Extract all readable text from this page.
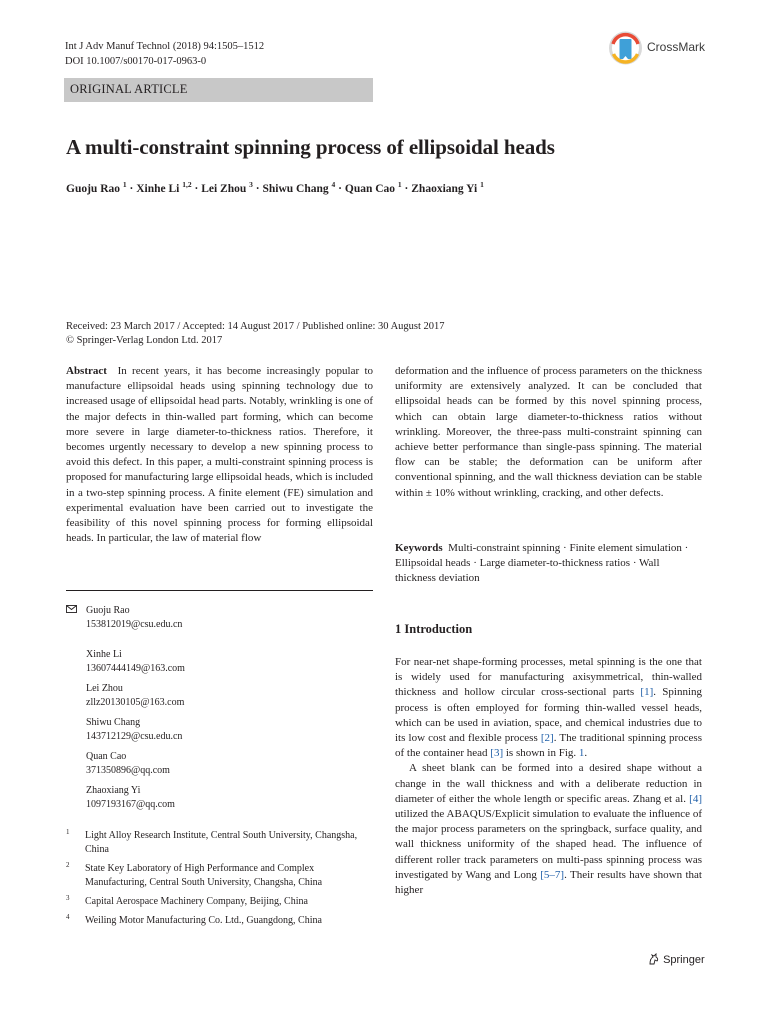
Int J Adv Manuf Technol (2018) 94:1505–1512
DOI 10.1007/s00170-017-0963-0
ORIGINAL ARTICLE
CrossMark
A multi-constraint spinning process of ellipsoidal heads
Guoju Rao $^1$ · Xinhe Li $^{1,2}$ · Lei Zhou $^3$ · Shiwu Chang $^4$ · Quan Cao $^1$ · Zhaoxiang Yi $^1$
Received: 23 March 2017 / Accepted: 14 August 2017 / Published online: 30 August 2017
© Springer-Verlag London Ltd. 2017

Abstract In recent years, it has become increasingly popular to manufacture ellipsoidal heads using spinning technology due to increased usage of ellipsoidal head parts. Notably, wrinkling is one of the major defects in thin-walled part forming, which can become more severe in large diameter-to-thickness ratios. Therefore, it becomes urgently necessary to develop a new spinning process to avoid this defect. In this paper, a multi-constraint spinning process is proposed for manufacturing large ellipsoidal heads, which is included in a two-step spinning process. A finite element (FE) simulation and experimental evaluation have been carried out to investigate the feasibility of this novel spinning process for forming ellipsoidal heads. In particular, the law of material flow

deformation and the influence of process parameters on the thickness uniformity are extensively analyzed. It can be concluded that ellipsoidal heads can be formed by this novel spinning process, which can obtain large diameter-to-thickness ratios without wrinkling. Moreover, the three-pass multi-constraint spinning can achieve better performance than single-pass spinning. The material flow can be stable; the deformation can be uniform after conventional spinning, and the wall thickness deviation can be stable within ± 10% without wrinkling, cracking, and other defects.

Keywords Multi-constraint spinning · Finite element simulation · Ellipsoidal heads · Large diameter-to-thickness ratios · Wall thickness deviation

Guoju Rao
153812019@csu.edu.cn
Xinhe Li
13607444149@163.com
Lei Zhou
zllz20130105@163.com
Shiwu Chang
143712129@csu.edu.cn
Quan Cao
371350896@qq.com
Zhaoxiang Yi
1097193167@qq.com
1 Light Alloy Research Institute, Central South University, Changsha, China
2 State Key Laboratory of High Performance and Complex Manufacturing, Central South University, Changsha, China
3 Capital Aerospace Machinery Company, Beijing, China
4 Weiling Motor Manufacturing Co. Ltd., Guangdong, China
1 Introduction

For near-net shape-forming processes, metal spinning is the one that is widely used for manufacturing axisymmetrical, thin-walled thickness and hollow circular cross-sectional parts [1]. Spinning process is often employed for forming thin-walled vessel heads, which can be used in aviation, space, and chemical industries due to its low cost and flexible process [2]. The traditional spinning process of the container head [3] is shown in Fig. 1.

A sheet blank can be formed into a desired shape without a change in the wall thickness and with a deliberate reduction in diameter of either the whole length or specific areas. Zhang et al. [4] utilized the ABAQUS/Explicit simulation to evaluate the influence of the major process parameters on the springback, surface quality, and wall thickness uniformity of the shaped head. The influence of different roller track parameters on multi-pass spinning process was investigated by Wang and Long [5–7]. Their results have shown that higher

Springer
